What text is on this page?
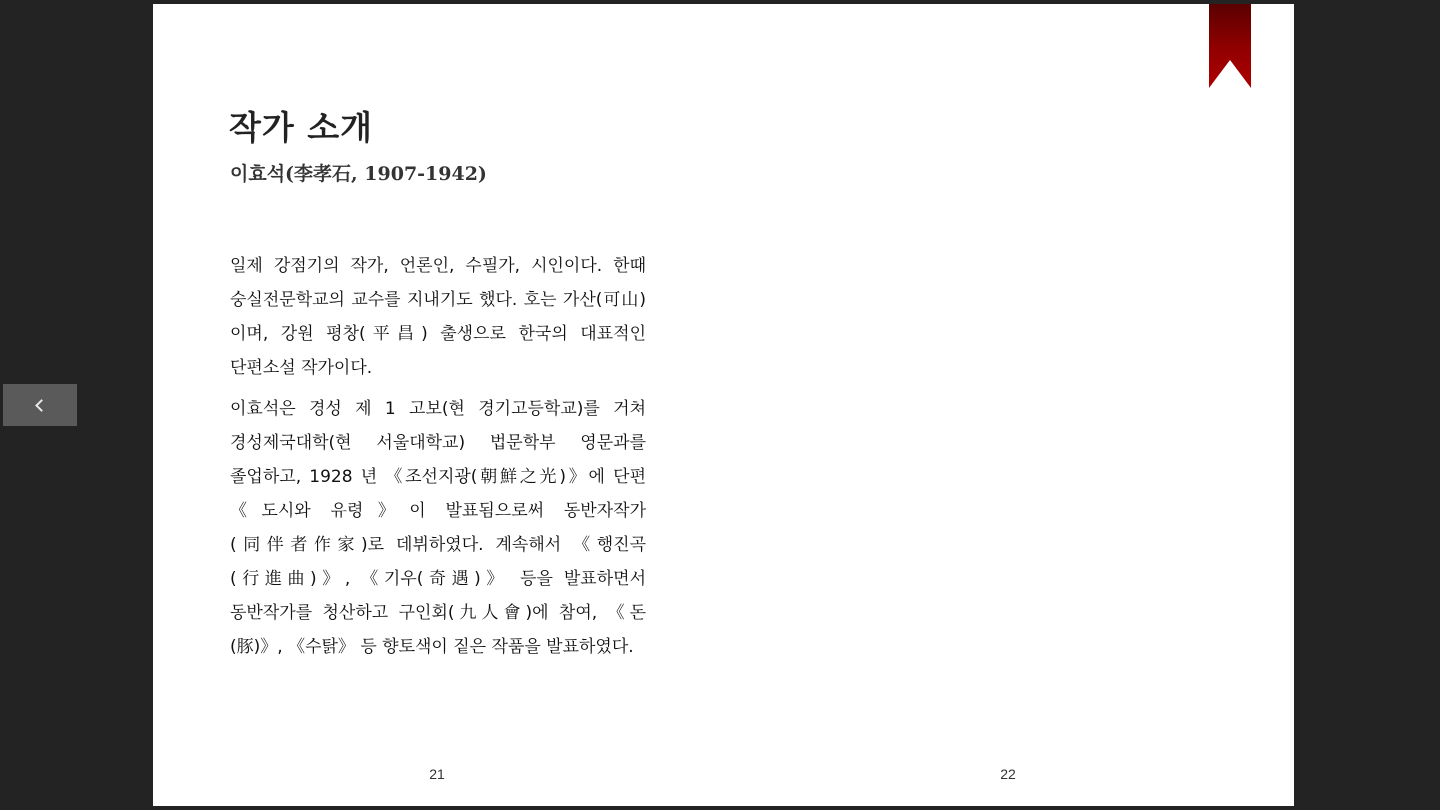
작가 소개
이효석(李孝石, 1907-1942)

일제 강점기의 작가, 언론인, 수필가, 시인이다. 한때 숭실전문학교의 교수를 지내기도 했다. 호는 가산(可山)이며, 강원 평창(平昌) 출생으로 한국의 대표적인 단편소설 작가이다.

이효석은 경성 제 1 고보(현 경기고등학교)를 거쳐 경성제국대학(현 서울대학교) 법문학부 영문과를 졸업하고, 1928 년 《조선지광(朝鮮之光)》에 단편 《도시와 유령》이 발표됨으로써 동반자작가(同伴者作家)로 데뷔하였다. 계속해서 《행진곡(行進曲)》, 《기우(奇遇)》 등을 발표하면서 동반작가를 청산하고 구인회(九人會)에 참여, 《돈(豚)》, 《수탉》 등 향토색이 짙은 작품을 발표하였다.

21	22
